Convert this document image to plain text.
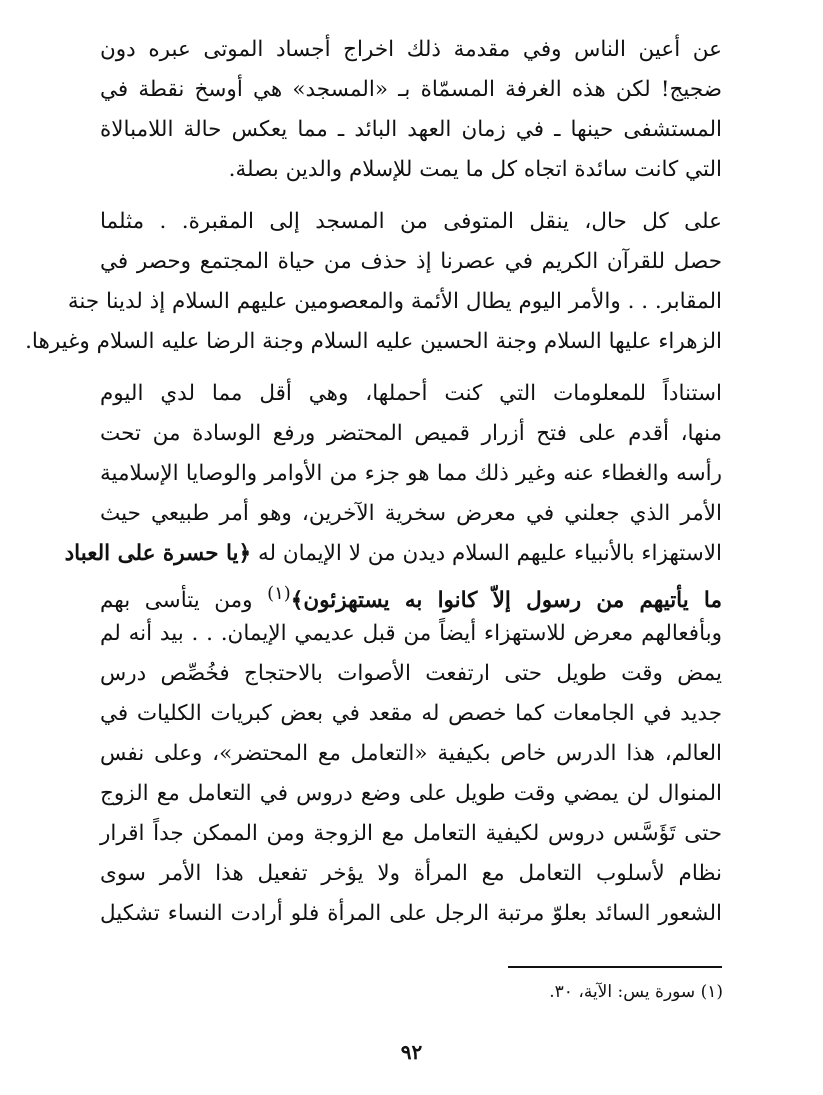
عن أعين الناس وفي مقدمة ذلك اخراج أجساد الموتى عبره دون
ضجيج! لكن هذه الغرفة المسمّاة بـ «المسجد» هي أوسخ نقطة في
المستشفى حينها ـ في زمان العهد البائد ـ مما يعكس حالة اللامبالاة
التي كانت سائدة اتجاه كل ما يمت للإسلام والدين بصلة.
على كل حال، ينقل المتوفى من المسجد إلى المقبرة. . مثلما
حصل للقرآن الكريم في عصرنا إذ حذف من حياة المجتمع وحصر في
المقابر. . . والأمر اليوم يطال الأئمة والمعصومين عليهم السلام إذ لدينا جنة
الزهراء عليها السلام وجنة الحسين عليه السلام وجنة الرضا عليه السلام وغيرها.
استناداً للمعلومات التي كنت أحملها، وهي أقل مما لدي اليوم
منها، أقدم على فتح أزرار قميص المحتضر ورفع الوسادة من تحت
رأسه والغطاء عنه وغير ذلك مما هو جزء من الأوامر والوصايا الإسلامية
الأمر الذي جعلني في معرض سخرية الآخرين، وهو أمر طبيعي حيث
الاستهزاء بالأنبياء عليهم السلام ديدن من لا الإيمان له ﴿يا حسرة على العباد
ما يأتيهم من رسول إلاّ كانوا به يستهزئون﴾$^{(١)}$ ومن يتأسى بهم
وبأفعالهم معرض للاستهزاء أيضاً من قبل عديمي الإيمان. . . بيد أنه لم
يمض وقت طويل حتى ارتفعت الأصوات بالاحتجاج فخُصِّص درس
جديد في الجامعات كما خصص له مقعد في بعض كبريات الكليات في
العالم، هذا الدرس خاص بكيفية «التعامل مع المحتضر»، وعلى نفس
المنوال لن يمضي وقت طويل على وضع دروس في التعامل مع الزوج
حتى تَؤَسَّس دروس لكيفية التعامل مع الزوجة ومن الممكن جداً اقرار
نظام لأسلوب التعامل مع المرأة ولا يؤخر تفعيل هذا الأمر سوى
الشعور السائد بعلوّ مرتبة الرجل على المرأة فلو أرادت النساء تشكيل
(١) سورة يس: الآية، ٣٠.
٩٢
